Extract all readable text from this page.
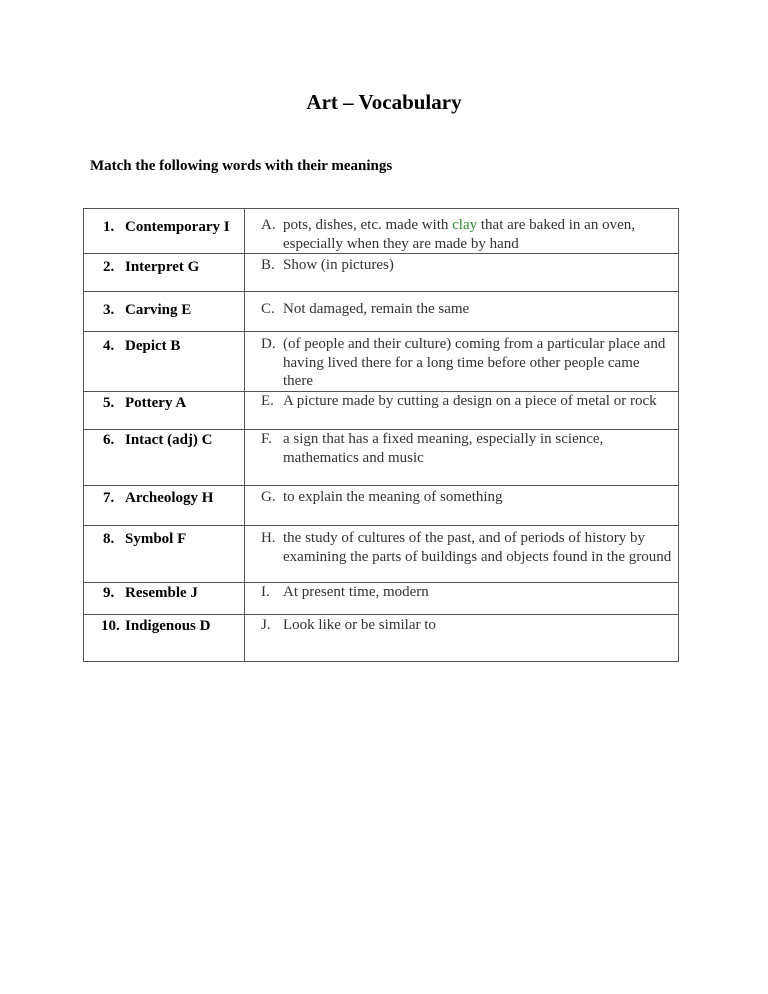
Art – Vocabulary
Match the following words with their meanings
1. Contemporary I	A. pots, dishes, etc. made with clay that are baked in an oven, especially when they are made by hand

2. Interpret G	B. Show (in pictures)

3. Carving E	C. Not damaged, remain the same

4. Depict B	D. (of people and their culture) coming from a particular place and having lived there for a long time before other people came there

5. Pottery A	E. A picture made by cutting a design on a piece of metal or rock

6. Intact (adj) C	F. a sign that has a fixed meaning, especially in science, mathematics and music

7. Archeology H	G. to explain the meaning of something

8. Symbol F	H. the study of cultures of the past, and of periods of history by examining the parts of buildings and objects found in the ground

9. Resemble J	I. At present time, modern

10. Indigenous D	J. Look like or be similar to
